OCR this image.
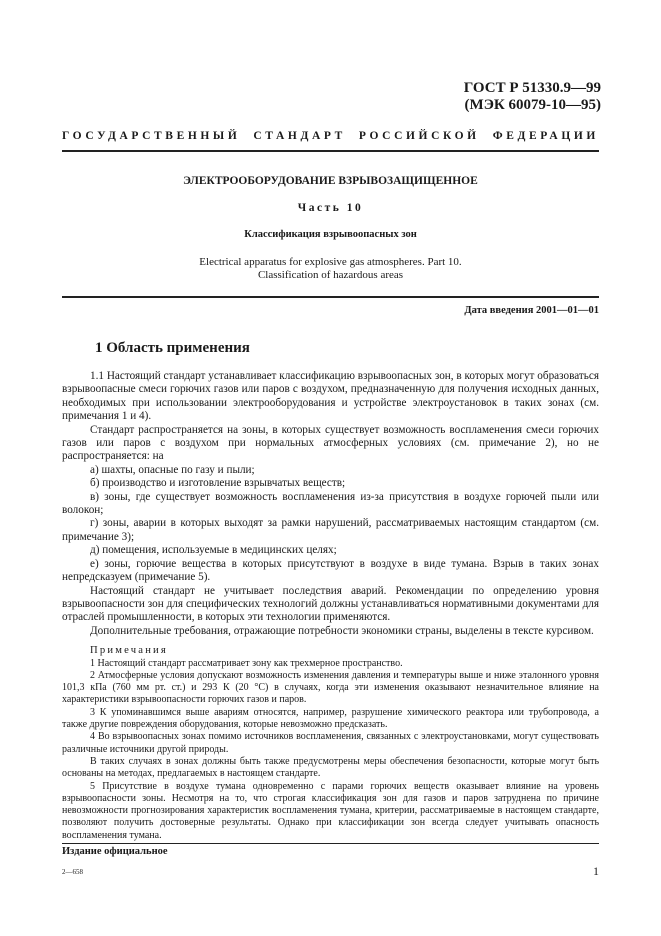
ГОСТ Р 51330.9—99
(МЭК 60079-10—95)
ГОСУДАРСТВЕННЫЙ СТАНДАРТ РОССИЙСКОЙ ФЕДЕРАЦИИ
ЭЛЕКТРООБОРУДОВАНИЕ ВЗРЫВОЗАЩИЩЕННОЕ
Часть 10
Классификация взрывоопасных зон
Electrical apparatus for explosive gas atmospheres. Part 10.
Classification of hazardous areas
Дата введения 2001—01—01
1 Область применения

1.1 Настоящий стандарт устанавливает классификацию взрывоопасных зон, в которых могут образоваться взрывоопасные смеси горючих газов или паров с воздухом, предназначенную для получения исходных данных, необходимых при использовании электрооборудования и устройстве электроустановок в таких зонах (см. примечания 1 и 4).

Стандарт распространяется на зоны, в которых существует возможность воспламенения смеси горючих газов или паров с воздухом при нормальных атмосферных условиях (см. примечание 2), но не распространяется: на

а) шахты, опасные по газу и пыли;

б) производство и изготовление взрывчатых веществ;

в) зоны, где существует возможность воспламенения из-за присутствия в воздухе горючей пыли или волокон;

г) зоны, аварии в которых выходят за рамки нарушений, рассматриваемых настоящим стандартом (см. примечание 3);

д) помещения, используемые в медицинских целях;

е) зоны, горючие вещества в которых присутствуют в воздухе в виде тумана. Взрыв в таких зонах непредсказуем (примечание 5).

Настоящий стандарт не учитывает последствия аварий. Рекомендации по определению уровня взрывоопасности зон для специфических технологий должны устанавливаться нормативными документами для отраслей промышленности, в которых эти технологии применяются.

Дополнительные требования, отражающие потребности экономики страны, выделены в тексте курсивом.

Примечания

1 Настоящий стандарт рассматривает зону как трехмерное пространство.

2 Атмосферные условия допускают возможность изменения давления и температуры выше и ниже эталонного уровня 101,3 кПа (760 мм рт. ст.) и 293 К (20 °С) в случаях, когда эти изменения оказывают незначительное влияние на характеристики взрывоопасности горючих газов и паров.

3 К упоминавшимся выше авариям относятся, например, разрушение химического реактора или трубопровода, а также другие повреждения оборудования, которые невозможно предсказать.

4 Во взрывоопасных зонах помимо источников воспламенения, связанных с электроустановками, могут существовать различные источники другой природы.

В таких случаях в зонах должны быть также предусмотрены меры обеспечения безопасности, которые могут быть основаны на методах, предлагаемых в настоящем стандарте.

5 Присутствие в воздухе тумана одновременно с парами горючих веществ оказывает влияние на уровень взрывоопасности зоны. Несмотря на то, что строгая классификация зон для газов и паров затруднена по причине невозможности прогнозирования характеристик воспламенения тумана, критерии, рассматриваемые в настоящем стандарте, позволяют получить достоверные результаты. Однако при классификации зон всегда следует учитывать опасность воспламенения тумана.

Издание официальное
2—658	1
